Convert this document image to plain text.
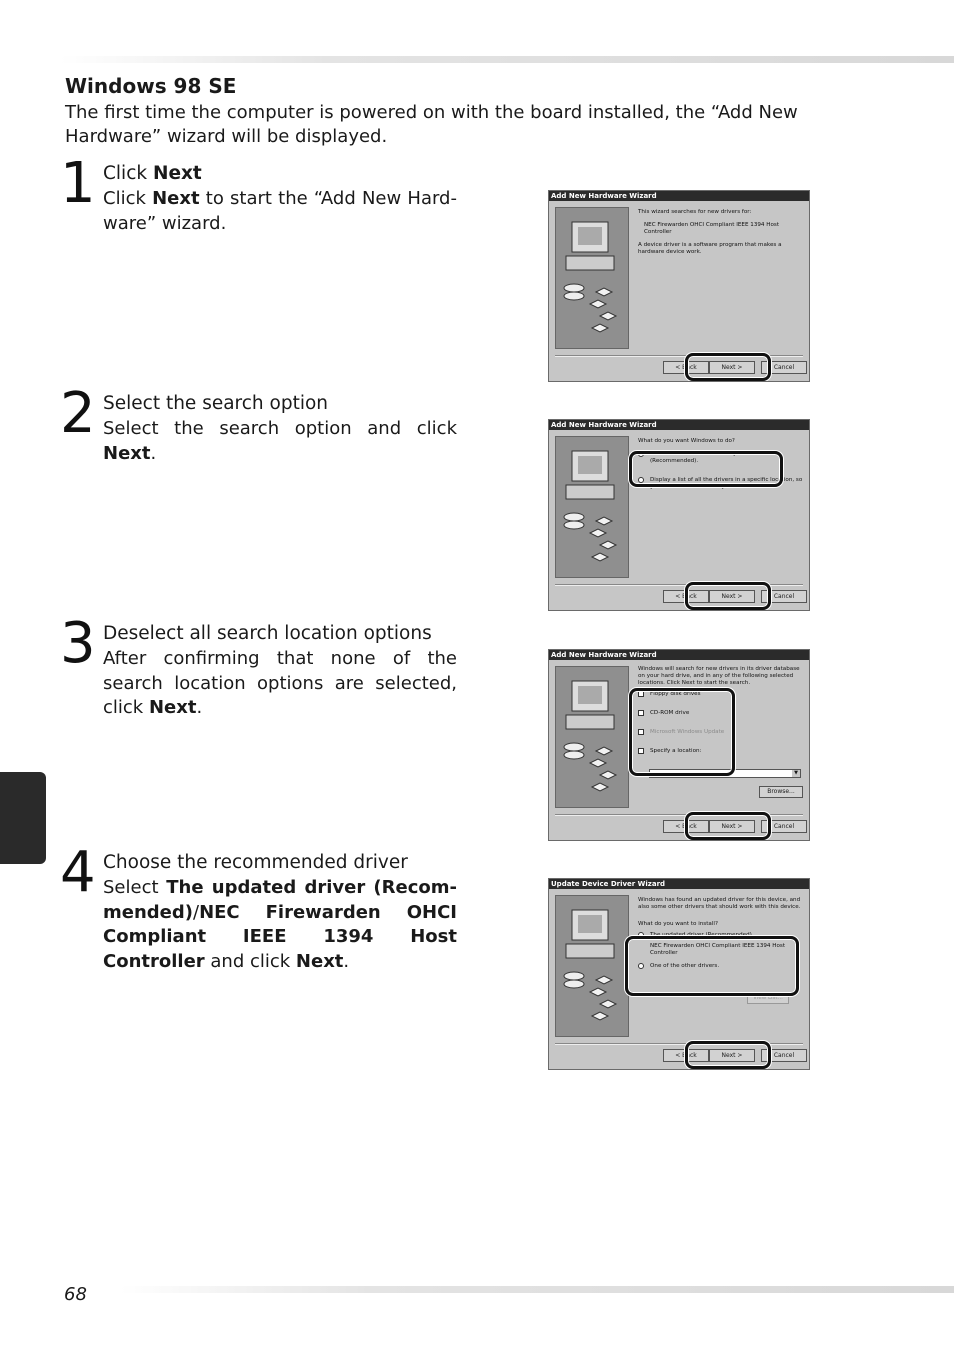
Windows 98 SE

The first time the computer is powered on with the board installed, the “Add New Hardware” wizard will be displayed.

1 Click Next

Click Next to start the “Add New Hard-ware” wizard.

2 Select the search option

Select the search option and click Next.

3 Deselect all search location options

After confirming that none of the search location options are selected, click Next.

4 Choose the recommended driver

Select The updated driver (Recom-mended)/NEC Firewarden OHCI Compliant IEEE 1394 Host Controller and click Next.

Add New Hardware Wizard

This wizard searches for new drivers for:

NEC Firewarden OHCI Compliant IEEE 1394 Host Controller

A device driver is a software program that makes a hardware device work.

< Back	Next >	Cancel
Add New Hardware Wizard

What do you want Windows to do?

Search for the best driver for your device. (Recommended).
Display a list of all the drivers in a specific location, so you can select the driver you want.
< Back	Next >	Cancel
Add New Hardware Wizard

Windows will search for new drivers in its driver database on your hard drive, and in any of the following selected locations. Click Next to start the search.

Floppy disk drives
CD-ROM drive
Microsoft Windows Update
Specify a location:
▼
Browse...
< Back	Next >	Cancel
Update Device Driver Wizard

Windows has found an updated driver for this device, and also some other drivers that should work with this device.

What do you want to install?

The updated driver (Recommended)

NEC Firewarden OHCI Compliant IEEE 1394 Host Controller

One of the other drivers.
View List...
< Back	Next >	Cancel
68
